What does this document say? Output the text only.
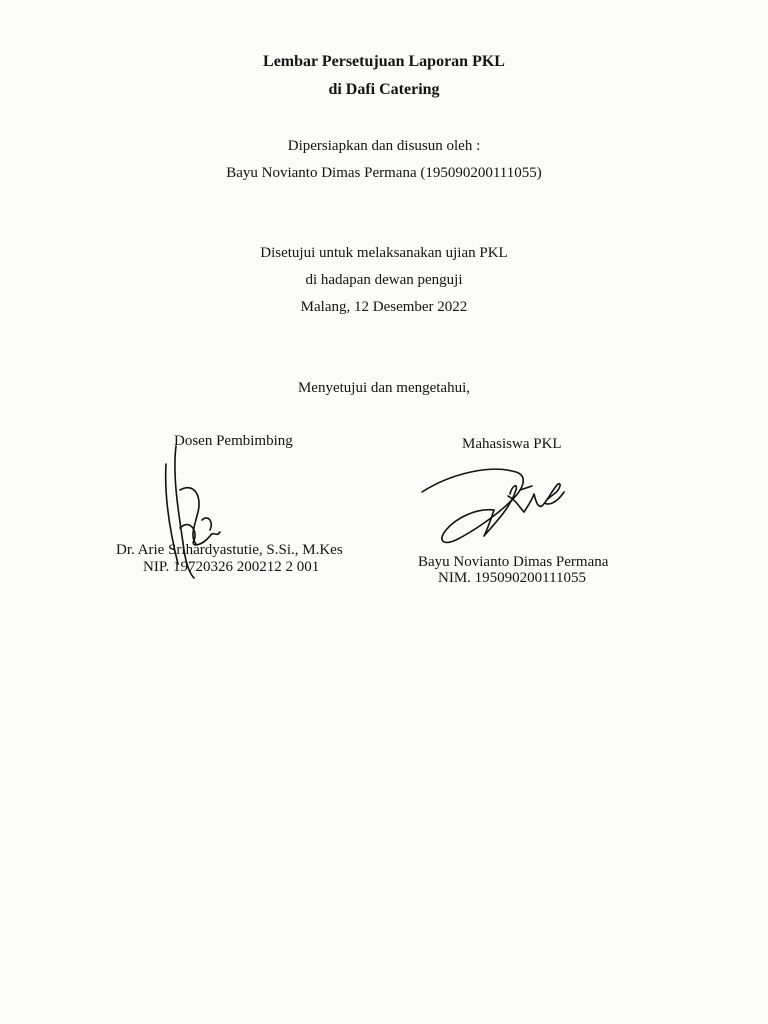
Lembar Persetujuan Laporan PKL
di Dafi Catering
Dipersiapkan dan disusun oleh :
Bayu Novianto Dimas Permana (195090200111055)
Disetujui untuk melaksanakan ujian PKL
di hadapan dewan penguji
Malang, 12 Desember 2022
Menyetujui dan mengetahui,
Dosen Pembimbing
Dr. Arie Srihardyastutie, S.Si., M.Kes
NIP. 19720326 200212 2 001
Mahasiswa PKL
Bayu Novianto Dimas Permana
NIM. 195090200111055
